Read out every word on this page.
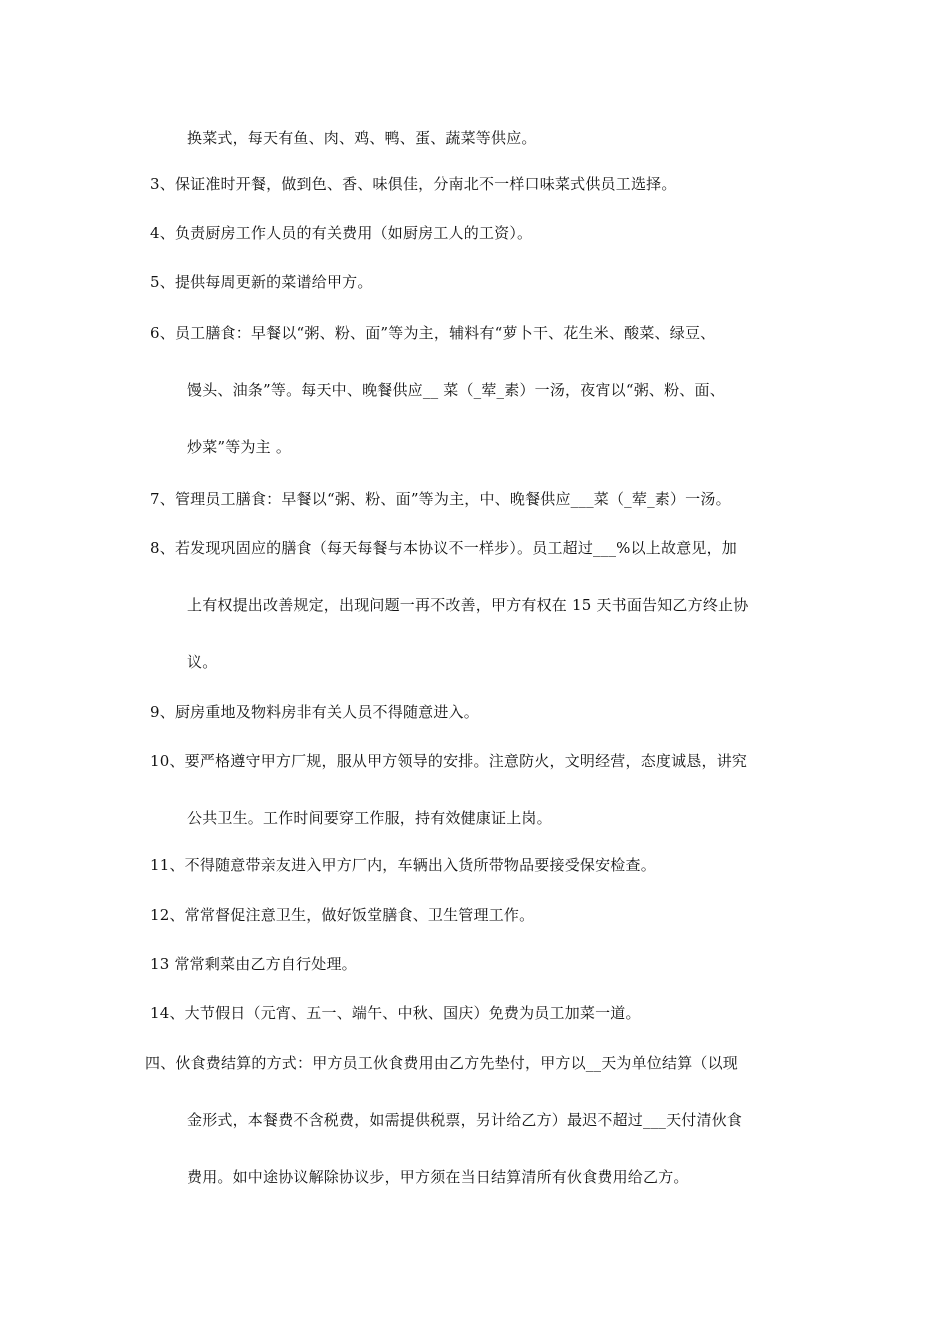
换菜式，每天有鱼、肉、鸡、鸭、蛋、蔬菜等供应。
3、保证准时开餐，做到色、香、味俱佳，分南北不一样口味菜式供员工选择。
4、负责厨房工作人员的有关费用（如厨房工人的工资）。
5、提供每周更新的菜谱给甲方。
6、员工膳食：早餐以“粥、粉、面”等为主，辅料有“萝卜干、花生米、酸菜、绿豆、
馒头、油条”等。每天中、晚餐供应__ 菜（_荤_素）一汤，夜宵以“粥、粉、面、
炒菜”等为主 。
7、管理员工膳食：早餐以“粥、粉、面”等为主，中、晚餐供应___菜（_荤_素）一汤。
8、若发现巩固应的膳食（每天每餐与本协议不一样步）。员工超过___%以上故意见，加
上有权提出改善规定，出现问题一再不改善，甲方有权在 15 天书面告知乙方终止协
议。
9、厨房重地及物料房非有关人员不得随意进入。
10、要严格遵守甲方厂规，服从甲方领导的安排。注意防火，文明经营，态度诚恳，讲究
公共卫生。工作时间要穿工作服，持有效健康证上岗。
11、不得随意带亲友进入甲方厂内，车辆出入货所带物品要接受保安检查。
12、常常督促注意卫生，做好饭堂膳食、卫生管理工作。
13 常常剩菜由乙方自行处理。
14、大节假日（元宵、五一、端午、中秋、国庆）免费为员工加菜一道。
四、伙食费结算的方式：甲方员工伙食费用由乙方先垫付，甲方以__天为单位结算（以现
金形式，本餐费不含税费，如需提供税票，另计给乙方）最迟不超过___天付清伙食
费用。如中途协议解除协议步，甲方须在当日结算清所有伙食费用给乙方。
